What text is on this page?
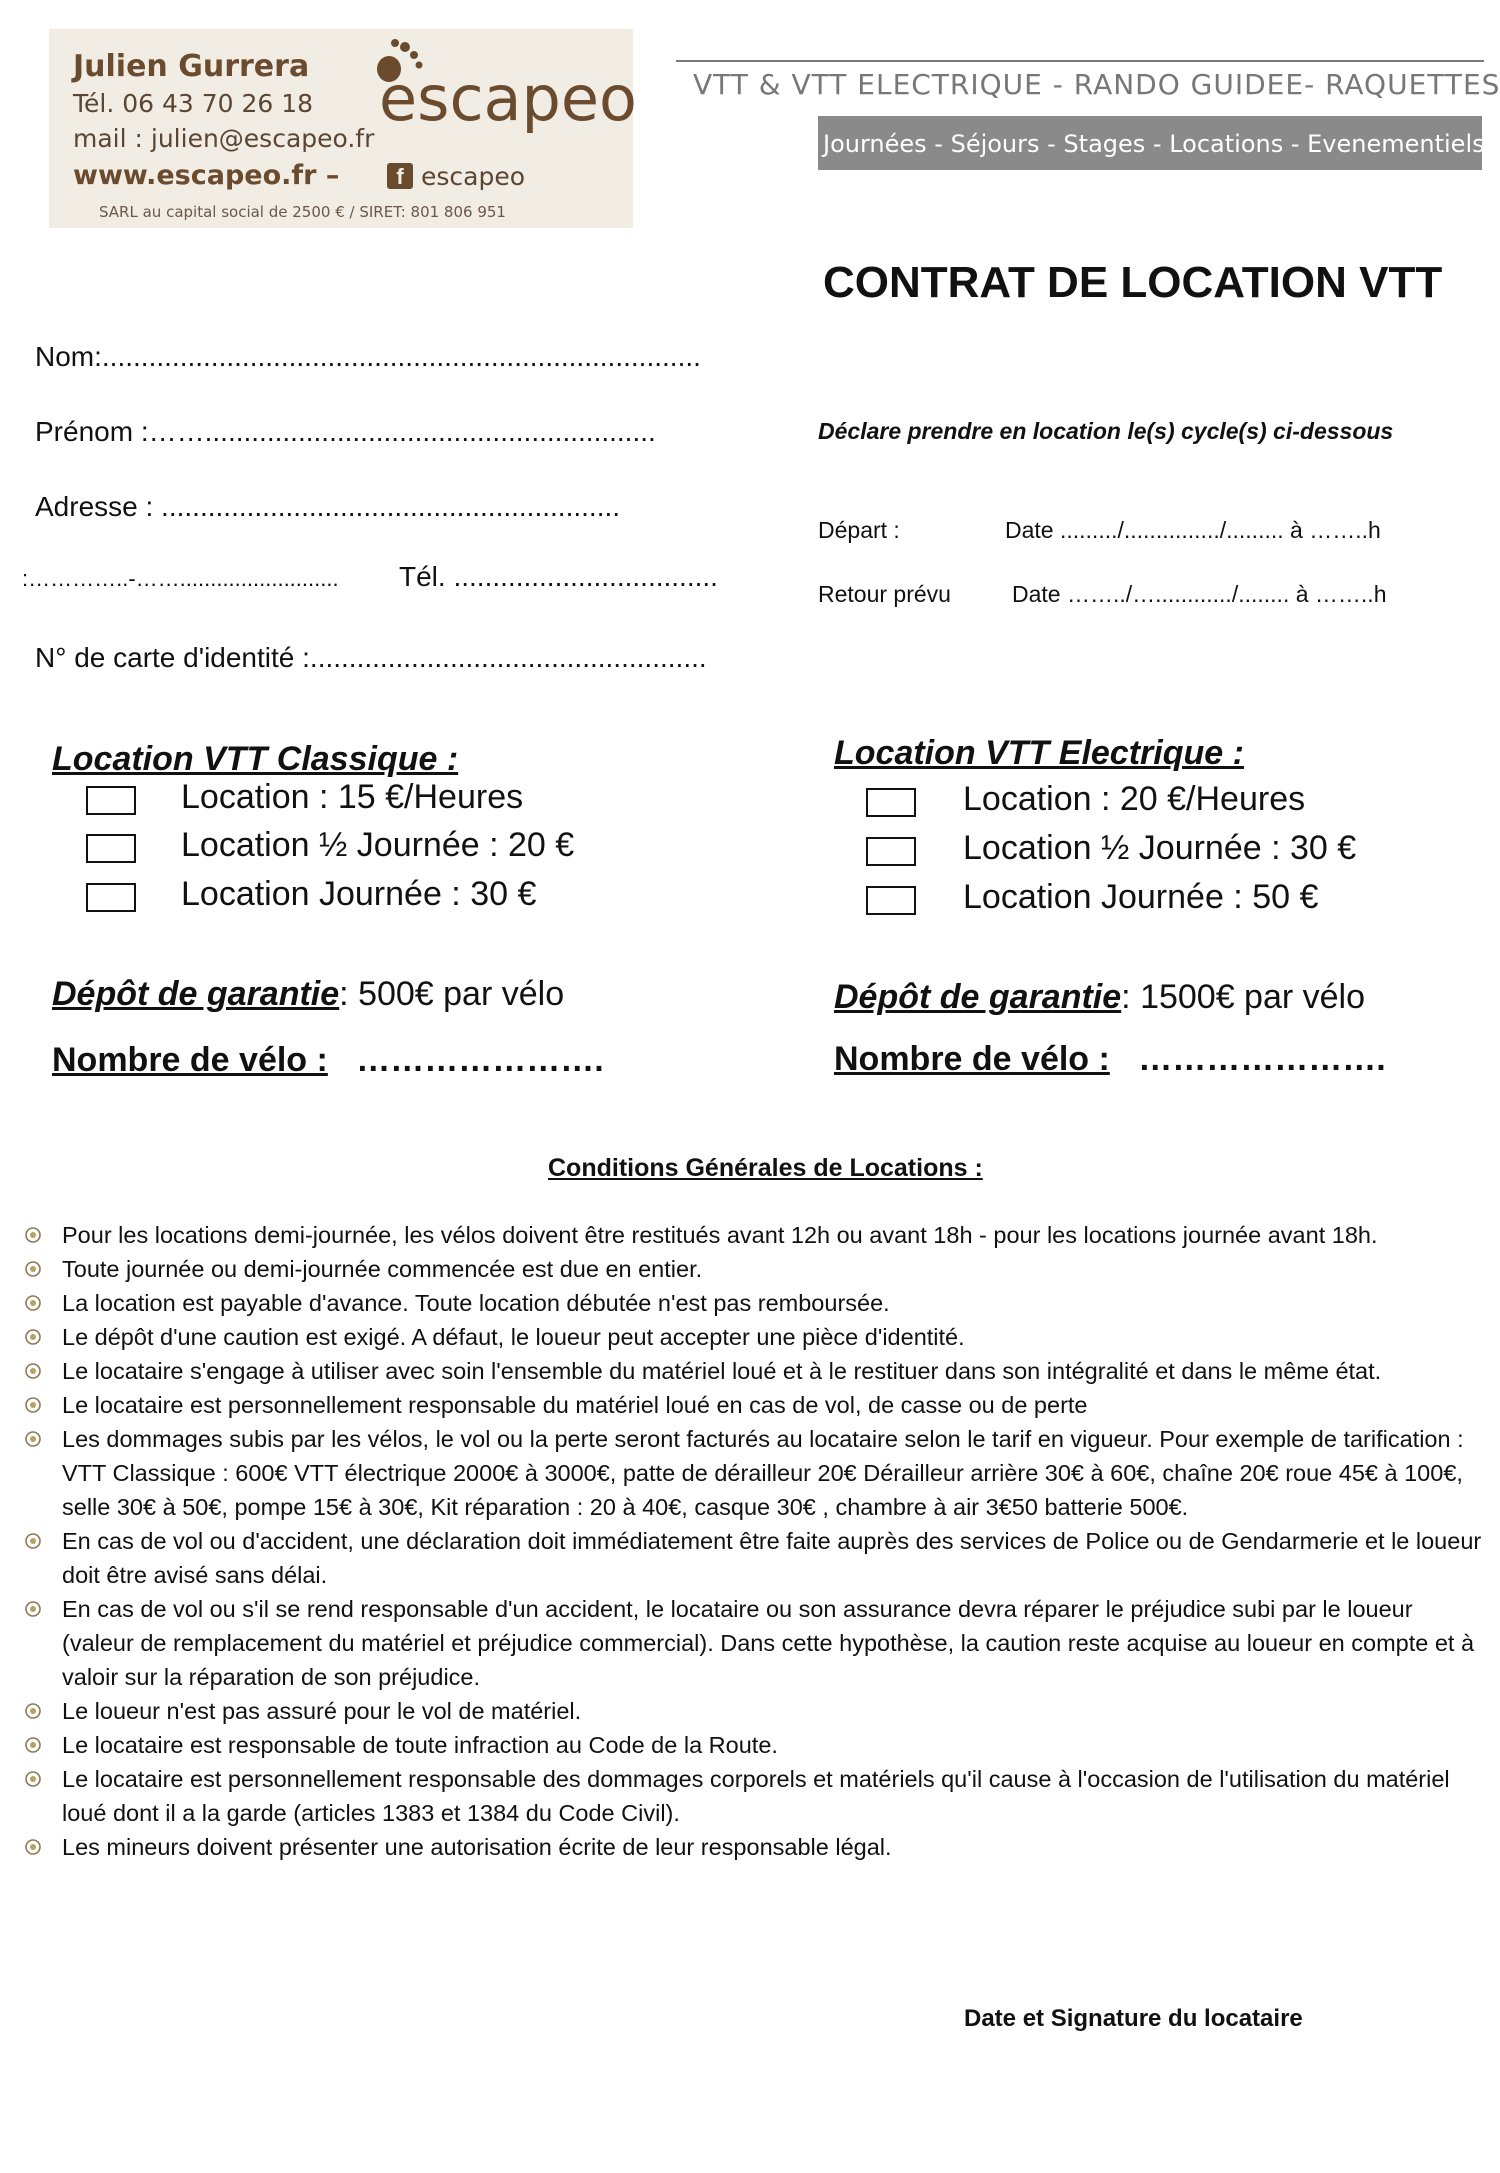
Julien Gurrera
Tél. 06 43 70 26 18
mail : julien@escapeo.fr
www.escapeo.fr –	f escapeo
SARL au capital social de 2500 € / SIRET: 801 806 951
escapeo VTT & VTT ELECTRIQUE - RANDO GUIDEE- RAQUETTES
Journées - Séjours - Stages - Locations - Evenementiels
CONTRAT DE LOCATION VTT
Nom:.............................................................................
Prénom :……..........................................................
Adresse : ...........................................................
:…………..-…….......................... Tél. ..................................
N° de carte d'identité :...................................................
Déclare prendre en location le(s) cycle(s) ci-dessous
Départ :	Date ........./.............../......... à ……..h
Retour prévu	Date ……../…............/........ à ……..h
Location VTT Classique :
Location : 15 €/Heures
Location ½ Journée : 20 €
Location Journée : 30 €
Dépôt de garantie: 500€ par vélo
Nombre de vélo : ………………….
Location VTT Electrique :
Location : 20 €/Heures
Location ½ Journée : 30 €
Location Journée : 50 €
Dépôt de garantie: 1500€ par vélo
Nombre de vélo : ………………….
Conditions Générales de Locations :
Pour les locations demi-journée, les vélos doivent être restitués avant 12h ou avant 18h - pour les locations journée avant 18h.
Toute journée ou demi-journée commencée est due en entier.
La location est payable d'avance. Toute location débutée n'est pas remboursée.
Le dépôt d'une caution est exigé. A défaut, le loueur peut accepter une pièce d'identité.
Le locataire s'engage à utiliser avec soin l'ensemble du matériel loué et à le restituer dans son intégralité et dans le même état.
Le locataire est personnellement responsable du matériel loué en cas de vol, de casse ou de perte
Les dommages subis par les vélos, le vol ou la perte seront facturés au locataire selon le tarif en vigueur. Pour exemple de tarification : VTT Classique : 600€ VTT électrique 2000€ à 3000€, patte de dérailleur 20€ Dérailleur arrière 30€ à 60€, chaîne 20€ roue 45€ à 100€, selle 30€ à 50€, pompe 15€ à 30€, Kit réparation : 20 à 40€, casque 30€ , chambre à air 3€50 batterie 500€.
En cas de vol ou d'accident, une déclaration doit immédiatement être faite auprès des services de Police ou de Gendarmerie et le loueur doit être avisé sans délai.
En cas de vol ou s'il se rend responsable d'un accident, le locataire ou son assurance devra réparer le préjudice subi par le loueur (valeur de remplacement du matériel et préjudice commercial). Dans cette hypothèse, la caution reste acquise au loueur en compte et à valoir sur la réparation de son préjudice.
Le loueur n'est pas assuré pour le vol de matériel.
Le locataire est responsable de toute infraction au Code de la Route.
Le locataire est personnellement responsable des dommages corporels et matériels qu'il cause à l'occasion de l'utilisation du matériel loué dont il a la garde (articles 1383 et 1384 du Code Civil).
Les mineurs doivent présenter une autorisation écrite de leur responsable légal.
Date et Signature du locataire
